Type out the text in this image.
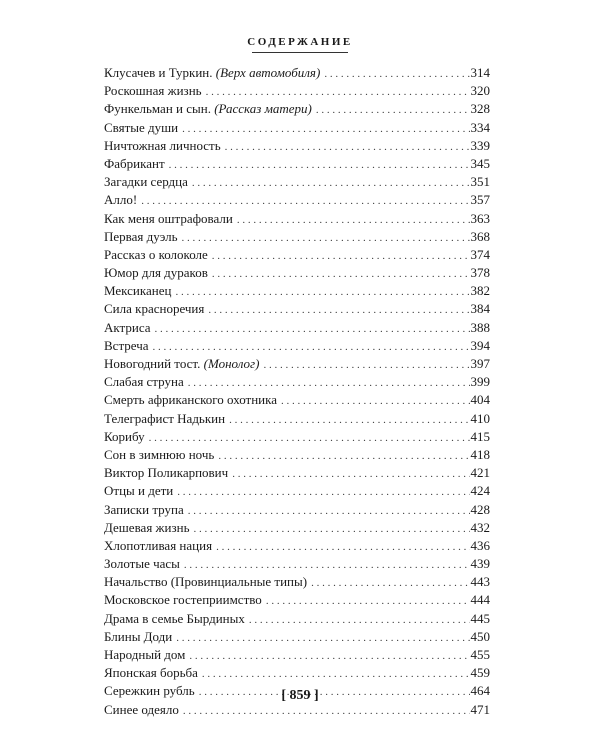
СОДЕРЖАНИЕ
Клусачев и Туркин. (Верх автомобиля) . . .	314
Роскошная жизнь . . .	320
Функельман и сын. (Рассказ матери) . . .	328
Святые души . . .	334
Ничтожная личность . . .	339
Фабрикант . . .	345
Загадки сердца . . .	351
Алло! . . .	357
Как меня оштрафовали . . .	363
Первая дуэль . . .	368
Рассказ о колоколе . . .	374
Юмор для дураков . . .	378
Мексиканец . . .	382
Сила красноречия . . .	384
Актриса . . .	388
Встреча . . .	394
Новогодний тост. (Монолог) . . .	397
Слабая струна . . .	399
Смерть африканского охотника . . .	404
Телеграфист Надькин . . .	410
Корибу . . .	415
Сон в зимнюю ночь . . .	418
Виктор Поликарпович . . .	421
Отцы и дети . . .	424
Записки трупа . . .	428
Дешевая жизнь . . .	432
Хлопотливая нация . . .	436
Золотые часы . . .	439
Начальство (Провинциальные типы) . . .	443
Московское гостеприимство . . .	444
Драма в семье Бырдиных . . .	445
Блины Доди . . .	450
Народный дом . . .	455
Японская борьба . . .	459
Сережкин рубль . . .	464
Синее одеяло . . .	471
[ 859 ]
